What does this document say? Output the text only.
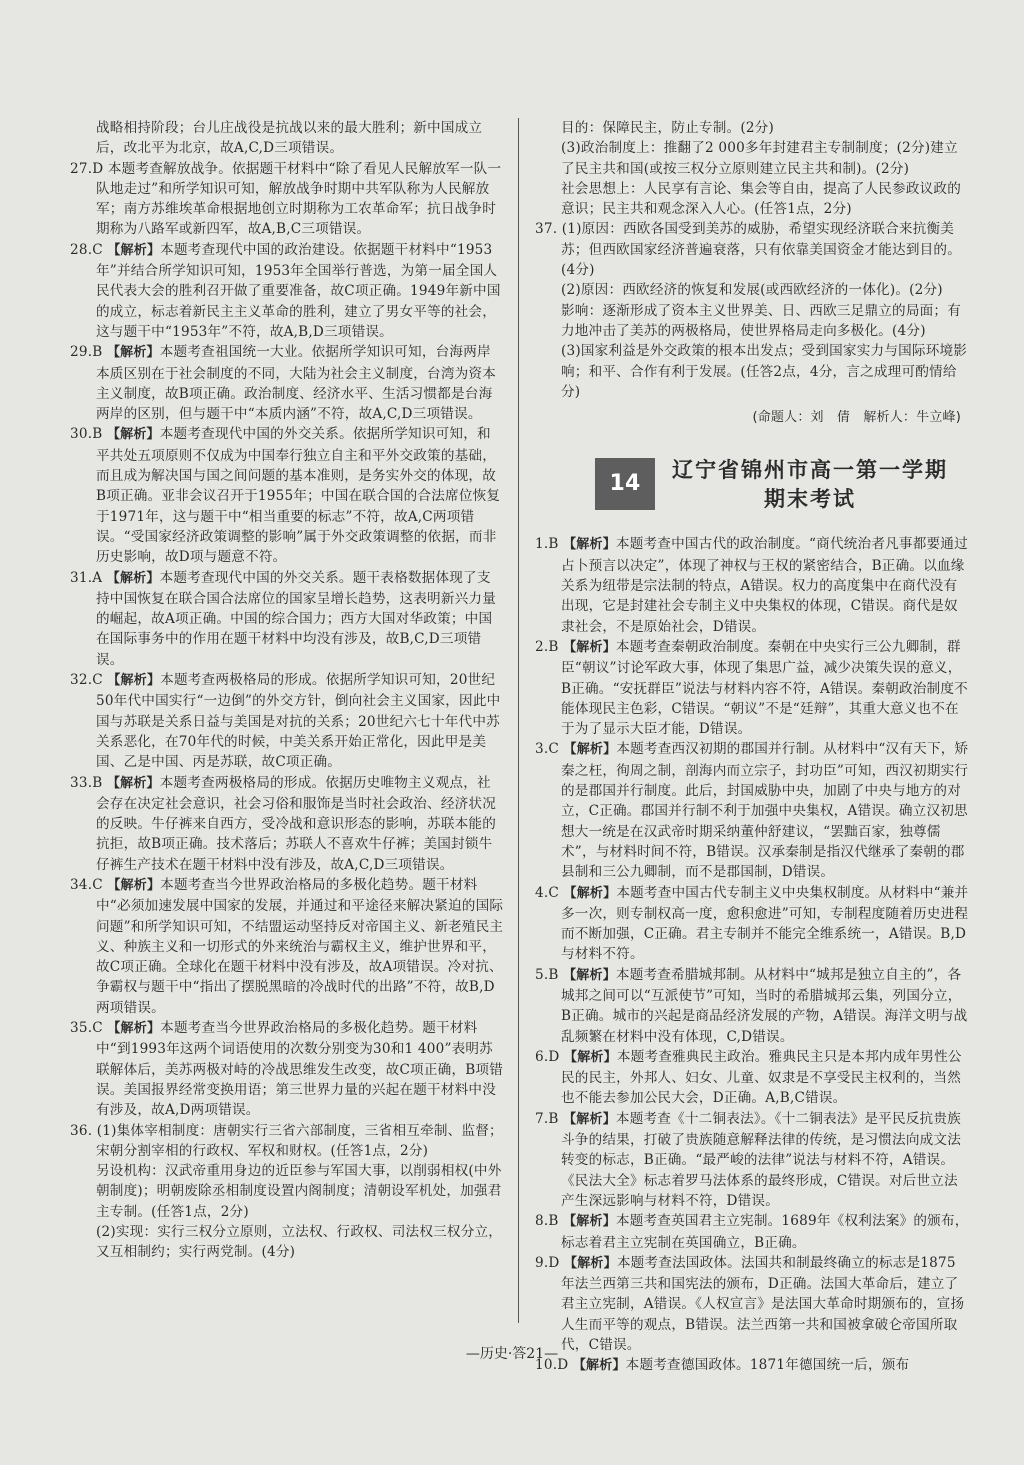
战略相持阶段；台儿庄战役是抗战以来的最大胜利；新中国成立后，改北平为北京，故A,C,D三项错误。

27.D 本题考查解放战争。依据题干材料中“除了看见人民解放军一队一队地走过”和所学知识可知，解放战争时期中共军队称为人民解放军；南方苏维埃革命根据地创立时期称为工农革命军；抗日战争时期称为八路军或新四军，故A,B,C三项错误。

28.C 【解析】本题考查现代中国的政治建设。依据题干材料中“1953年”并结合所学知识可知，1953年全国举行普选，为第一届全国人民代表大会的胜利召开做了重要准备，故C项正确。1949年新中国的成立，标志着新民主主义革命的胜利，建立了男女平等的社会，这与题干中“1953年”不符，故A,B,D三项错误。

29.B 【解析】本题考查祖国统一大业。依据所学知识可知，台海两岸本质区别在于社会制度的不同，大陆为社会主义制度，台湾为资本主义制度，故B项正确。政治制度、经济水平、生活习惯都是台海两岸的区别，但与题干中“本质内涵”不符，故A,C,D三项错误。

30.B 【解析】本题考查现代中国的外交关系。依据所学知识可知，和平共处五项原则不仅成为中国奉行独立自主和平外交政策的基础，而且成为解决国与国之间问题的基本准则，是务实外交的体现，故B项正确。亚非会议召开于1955年；中国在联合国的合法席位恢复于1971年，这与题干中“相当重要的标志”不符，故A,C两项错误。“受国家经济政策调整的影响”属于外交政策调整的依据，而非历史影响，故D项与题意不符。

31.A 【解析】本题考查现代中国的外交关系。题干表格数据体现了支持中国恢复在联合国合法席位的国家呈增长趋势，这表明新兴力量的崛起，故A项正确。中国的综合国力；西方大国对华政策；中国在国际事务中的作用在题干材料中均没有涉及，故B,C,D三项错误。

32.C 【解析】本题考查两极格局的形成。依据所学知识可知，20世纪50年代中国实行“一边倒”的外交方针，倒向社会主义国家，因此中国与苏联是关系日益与美国是对抗的关系；20世纪六七十年代中苏关系恶化，在70年代的时候，中美关系开始正常化，因此甲是美国、乙是中国、丙是苏联，故C项正确。

33.B 【解析】本题考查两极格局的形成。依据历史唯物主义观点，社会存在决定社会意识，社会习俗和服饰是当时社会政治、经济状况的反映。牛仔裤来自西方，受冷战和意识形态的影响，苏联本能的抗拒，故B项正确。技术落后；苏联人不喜欢牛仔裤；美国封锁牛仔裤生产技术在题干材料中没有涉及，故A,C,D三项错误。

34.C 【解析】本题考查当今世界政治格局的多极化趋势。题干材料中“必须加速发展中国家的发展，并通过和平途径来解决紧迫的国际问题”和所学知识可知，不结盟运动坚持反对帝国主义、新老殖民主义、种族主义和一切形式的外来统治与霸权主义，维护世界和平，故C项正确。全球化在题干材料中没有涉及，故A项错误。冷对抗、争霸权与题干中“指出了摆脱黑暗的冷战时代的出路”不符，故B,D两项错误。

35.C 【解析】本题考查当今世界政治格局的多极化趋势。题干材料中“到1993年这两个词语使用的次数分别变为30和1 400”表明苏联解体后，美苏两极对峙的冷战思维发生改变，故C项正确，B项错误。美国报界经常变换用语；第三世界力量的兴起在题干材料中没有涉及，故A,D两项错误。

36. (1)集体宰相制度：唐朝实行三省六部制度，三省相互牵制、监督；宋朝分割宰相的行政权、军权和财权。(任答1点，2分)

另设机构：汉武帝重用身边的近臣参与军国大事，以削弱相权(中外朝制度)；明朝废除丞相制度设置内阁制度；清朝设军机处，加强君主专制。(任答1点，2分)

(2)实现：实行三权分立原则，立法权、行政权、司法权三权分立，又互相制约；实行两党制。(4分)

目的：保障民主，防止专制。(2分)

(3)政治制度上：推翻了2 000多年封建君主专制制度；(2分)建立了民主共和国(或按三权分立原则建立民主共和制)。(2分)

社会思想上：人民享有言论、集会等自由，提高了人民参政议政的意识；民主共和观念深入人心。(任答1点，2分)

37. (1)原因：西欧各国受到美苏的威胁，希望实现经济联合来抗衡美苏；但西欧国家经济普遍衰落，只有依靠美国资金才能达到目的。(4分)

(2)原因：西欧经济的恢复和发展(或西欧经济的一体化)。(2分)

影响：逐渐形成了资本主义世界美、日、西欧三足鼎立的局面；有力地冲击了美苏的两极格局，使世界格局走向多极化。(4分)

(3)国家利益是外交政策的根本出发点；受到国家实力与国际环境影响；和平、合作有利于发展。(任答2点，4分，言之成理可酌情给分)

(命题人：刘　倩　解析人：牛立峰)
14
辽宁省锦州市高一第一学期
期末考试

1.B 【解析】本题考查中国古代的政治制度。“商代统治者凡事都要通过占卜预言以决定”，体现了神权与王权的紧密结合，B正确。以血缘关系为纽带是宗法制的特点，A错误。权力的高度集中在商代没有出现，它是封建社会专制主义中央集权的体现，C错误。商代是奴隶社会，不是原始社会，D错误。

2.B 【解析】本题考查秦朝政治制度。秦朝在中央实行三公九卿制，群臣“朝议”讨论军政大事，体现了集思广益，减少决策失误的意义，B正确。“安抚群臣”说法与材料内容不符，A错误。秦朝政治制度不能体现民主色彩，C错误。“朝议”不是“廷辩”，其重大意义也不在于为了显示大臣才能，D错误。

3.C 【解析】本题考查西汉初期的郡国并行制。从材料中“汉有天下，矫秦之枉，徇周之制，剖海内而立宗子，封功臣”可知，西汉初期实行的是郡国并行制度。此后，封国威胁中央，加剧了中央与地方的对立，C正确。郡国并行制不利于加强中央集权，A错误。确立汉初思想大一统是在汉武帝时期采纳董仲舒建议，“罢黜百家，独尊儒术”，与材料时间不符，B错误。汉承秦制是指汉代继承了秦朝的郡县制和三公九卿制，而不是郡国制，D错误。

4.C 【解析】本题考查中国古代专制主义中央集权制度。从材料中“兼并多一次，则专制权高一度，愈积愈进”可知，专制程度随着历史进程而不断加强，C正确。君主专制并不能完全维系统一，A错误。B,D与材料不符。

5.B 【解析】本题考查希腊城邦制。从材料中“城邦是独立自主的”，各城邦之间可以“互派使节”可知，当时的希腊城邦云集，列国分立，B正确。城市的兴起是商品经济发展的产物，A错误。海洋文明与战乱频繁在材料中没有体现，C,D错误。

6.D 【解析】本题考查雅典民主政治。雅典民主只是本邦内成年男性公民的民主，外邦人、妇女、儿童、奴隶是不享受民主权利的，当然也不能去参加公民大会，D正确。A,B,C错误。

7.B 【解析】本题考查《十二铜表法》。《十二铜表法》是平民反抗贵族斗争的结果，打破了贵族随意解释法律的传统，是习惯法向成文法转变的标志，B正确。“最严峻的法律”说法与材料不符，A错误。《民法大全》标志着罗马法体系的最终形成，C错误。对后世立法产生深远影响与材料不符，D错误。

8.B 【解析】本题考查英国君主立宪制。1689年《权利法案》的颁布，标志着君主立宪制在英国确立，B正确。

9.D 【解析】本题考查法国政体。法国共和制最终确立的标志是1875年法兰西第三共和国宪法的颁布，D正确。法国大革命后，建立了君主立宪制，A错误。《人权宣言》是法国大革命时期颁布的，宣扬人生而平等的观点，B错误。法兰西第一共和国被拿破仑帝国所取代，C错误。

10.D 【解析】本题考查德国政体。1871年德国统一后，颁布

—历史·答21—
